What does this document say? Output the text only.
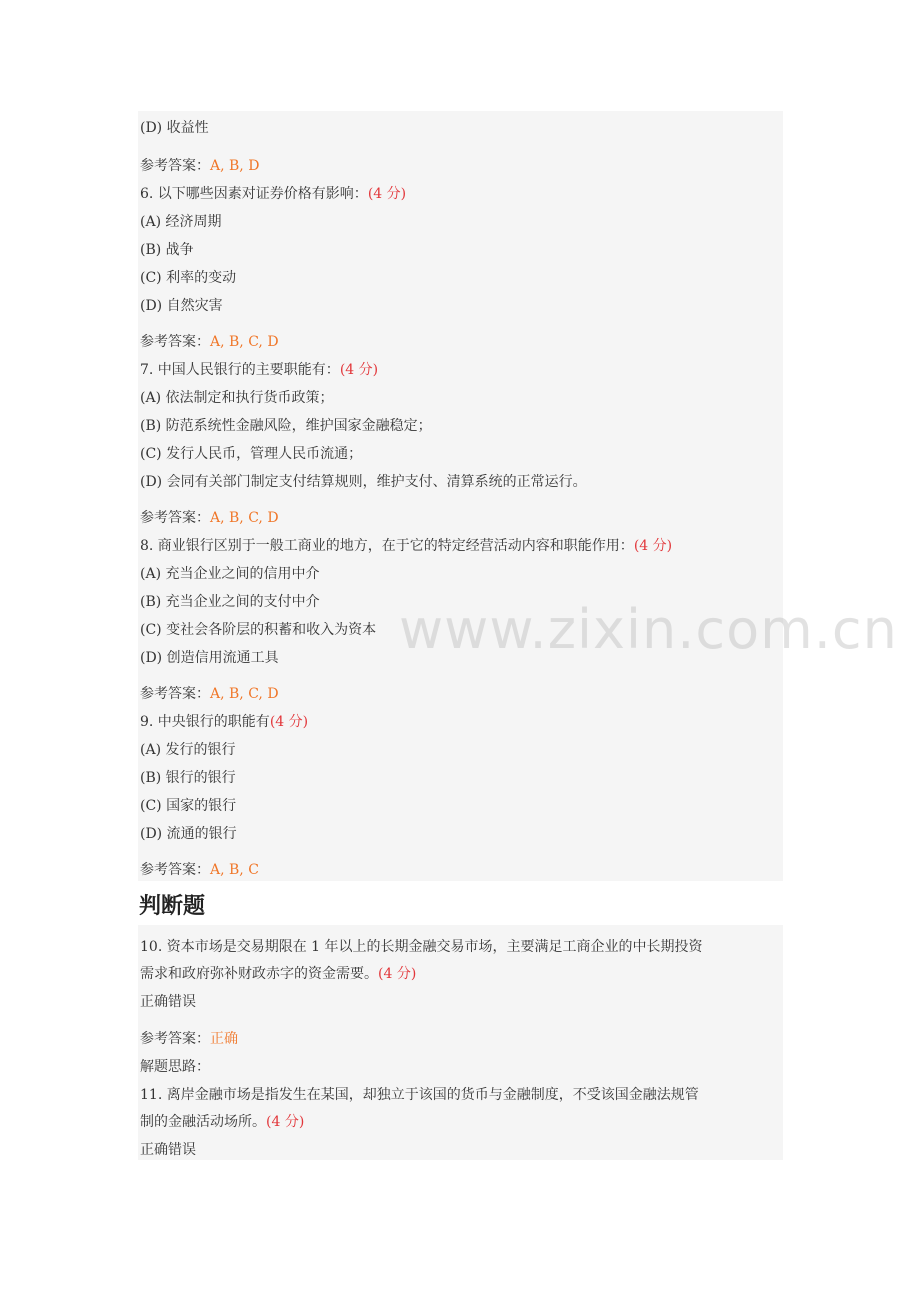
(D) 收益性
参考答案：A, B, D
6. 以下哪些因素对证券价格有影响：(4 分)
(A) 经济周期
(B) 战争
(C) 利率的变动
(D) 自然灾害
参考答案：A, B, C, D
7. 中国人民银行的主要职能有：(4 分)
(A) 依法制定和执行货币政策；
(B) 防范系统性金融风险，维护国家金融稳定；
(C) 发行人民币，管理人民币流通；
(D) 会同有关部门制定支付结算规则，维护支付、清算系统的正常运行。
参考答案：A, B, C, D
8. 商业银行区别于一般工商业的地方，在于它的特定经营活动内容和职能作用：(4 分)
(A) 充当企业之间的信用中介
(B) 充当企业之间的支付中介
(C) 变社会各阶层的积蓄和收入为资本
(D) 创造信用流通工具
参考答案：A, B, C, D
9. 中央银行的职能有(4 分)
(A) 发行的银行
(B) 银行的银行
(C) 国家的银行
(D) 流通的银行
参考答案：A, B, C
判断题
10. 资本市场是交易期限在 1 年以上的长期金融交易市场，主要满足工商企业的中长期投资
需求和政府弥补财政赤字的资金需要。(4 分)
正确错误
参考答案：正确
解题思路：
11. 离岸金融市场是指发生在某国，却独立于该国的货币与金融制度，不受该国金融法规管
制的金融活动场所。(4 分)
正确错误
www.zixin.com.cn
